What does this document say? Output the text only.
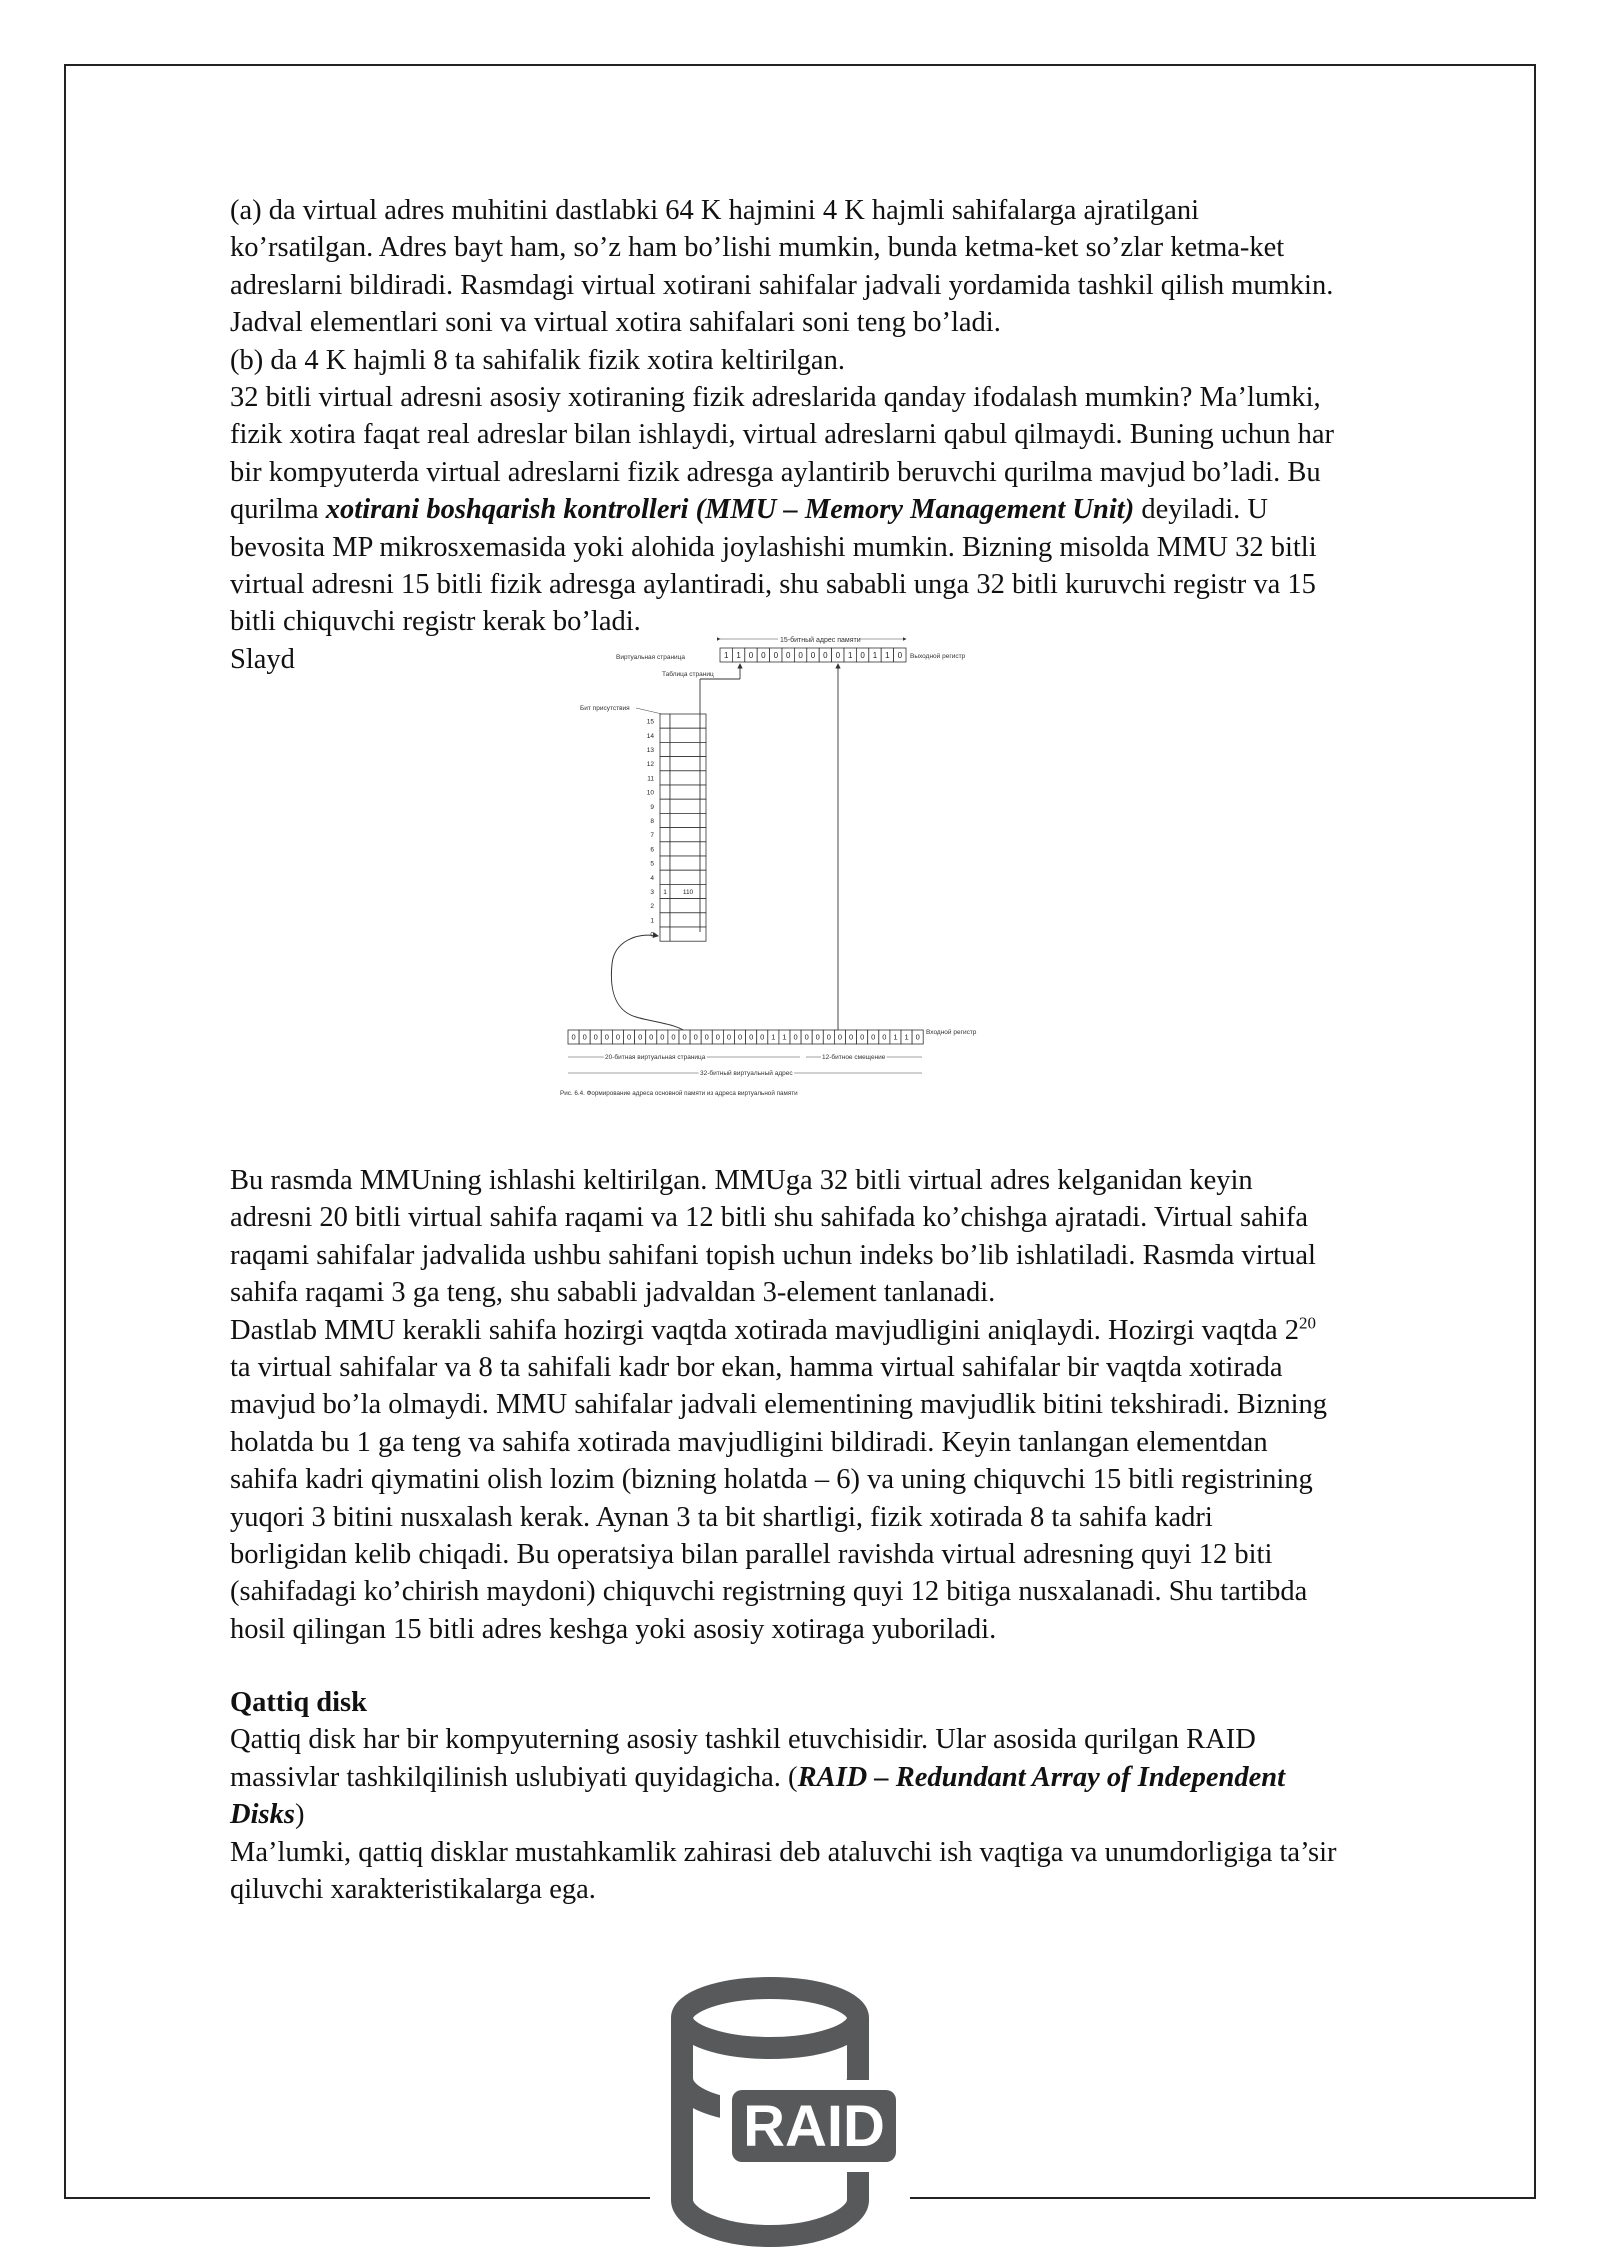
(a) da virtual adres muhitini dastlabki 64 K hajmini 4 K hajmli sahifalarga ajratilgani

ko’rsatilgan. Adres bayt ham, so’z ham bo’lishi mumkin, bunda ketma-ket so’zlar ketma-ket

adreslarni bildiradi. Rasmdagi virtual xotirani sahifalar jadvali yordamida tashkil qilish mumkin.

Jadval elementlari soni va virtual xotira sahifalari soni teng bo’ladi.

(b) da 4 K hajmli 8 ta sahifalik fizik xotira keltirilgan.

32 bitli virtual adresni asosiy xotiraning fizik adreslarida qanday ifodalash mumkin? Ma’lumki,

fizik xotira faqat real adreslar bilan ishlaydi, virtual adreslarni qabul qilmaydi. Buning uchun har

bir kompyuterda virtual adreslarni fizik adresga aylantirib beruvchi qurilma mavjud bo’ladi. Bu

qurilma xotirani boshqarish kontrolleri (MMU – Memory Management Unit) deyiladi. U

bevosita MP mikrosxemasida yoki alohida joylashishi mumkin. Bizning misolda MMU 32 bitli

virtual adresni 15 bitli fizik adresga aylantiradi, shu sababli unga 32 bitli kuruvchi registr va 15

bitli chiquvchi registr kerak bo’ladi.

Slayd

15-битный адрес памяти
1 1 0 0 0 0 0 0 0 0 1 0 1 1 0 Выходной регистр
Виртуальная страница
Таблица страниц
Бит присутствия
15
14
13
12
11
10
9
8
7
6
5
4
3 1 110
2
1
0
0 0 0 0 0 0 0 0 0 0 0 0 0 0 0 0 0 0 1 1 0 0 0 0 0 0 0 0 0 1 1 0
Входной регистр
20-битная виртуальная страница	12-битное смещение
32-битный виртуальный адрес
Рис. 6.4. Формирование адреса основной памяти из адреса виртуальной памяти

Bu rasmda MMUning ishlashi keltirilgan. MMUga 32 bitli virtual adres kelganidan keyin

adresni 20 bitli virtual sahifa raqami va 12 bitli shu sahifada ko’chishga ajratadi. Virtual sahifa

raqami sahifalar jadvalida ushbu sahifani topish uchun indeks bo’lib ishlatiladi. Rasmda virtual

sahifa raqami 3 ga teng, shu sababli jadvaldan 3-element tanlanadi.

Dastlab MMU kerakli sahifa hozirgi vaqtda xotirada mavjudligini aniqlaydi. Hozirgi vaqtda $2^{20}$

ta virtual sahifalar va 8 ta sahifali kadr bor ekan, hamma virtual sahifalar bir vaqtda xotirada

mavjud bo’la olmaydi. MMU sahifalar jadvali elementining mavjudlik bitini tekshiradi. Bizning

holatda bu 1 ga teng va sahifa xotirada mavjudligini bildiradi. Keyin tanlangan elementdan

sahifa kadri qiymatini olish lozim (bizning holatda – 6) va uning chiquvchi 15 bitli registrining

yuqori 3 bitini nusxalash kerak. Aynan 3 ta bit shartligi, fizik xotirada 8 ta sahifa kadri

borligidan kelib chiqadi. Bu operatsiya bilan parallel ravishda virtual adresning quyi 12 biti

(sahifadagi ko’chirish maydoni) chiquvchi registrning quyi 12 bitiga nusxalanadi. Shu tartibda

hosil qilingan 15 bitli adres keshga yoki asosiy xotiraga yuboriladi.

Qattiq disk

Qattiq disk har bir kompyuterning asosiy tashkil etuvchisidir. Ular asosida qurilgan RAID

massivlar tashkilqilinish uslubiyati quyidagicha. (RAID – Redundant Array of Independent

Disks)

Ma’lumki, qattiq disklar mustahkamlik zahirasi deb ataluvchi ish vaqtiga va unumdorligiga ta’sir

qiluvchi xarakteristikalarga ega.

RAID
